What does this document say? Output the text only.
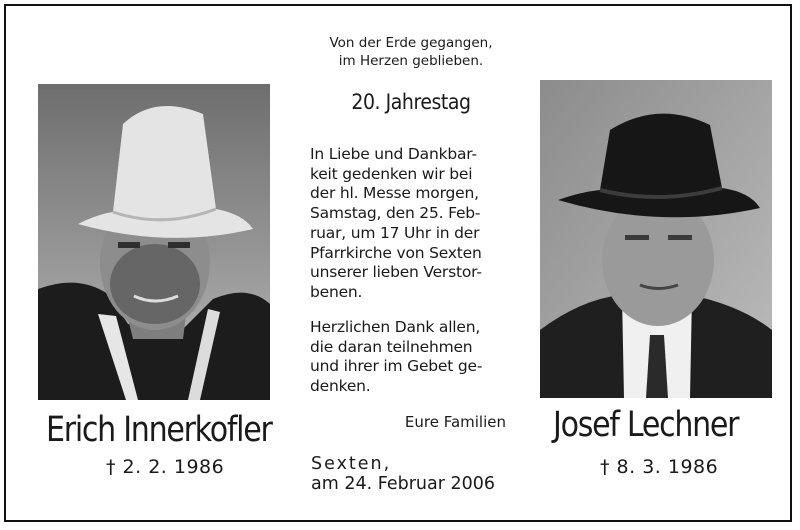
Von der Erde gegangen,
im Herzen geblieben.
20. Jahrestag
Erich Innerkofler
† 2. 2. 1986
Josef Lechner
† 8. 3. 1986
In Liebe und Dankbar-
keit gedenken wir bei
der hl. Messe morgen,
Samstag, den 25. Feb-
ruar, um 17 Uhr in der
Pfarrkirche von Sexten
unserer lieben Verstor-
benen.
Herzlichen Dank allen,
die daran teilnehmen
und ihrer im Gebet ge-
denken.
Eure Familien
Sexten,
am 24. Februar 2006
